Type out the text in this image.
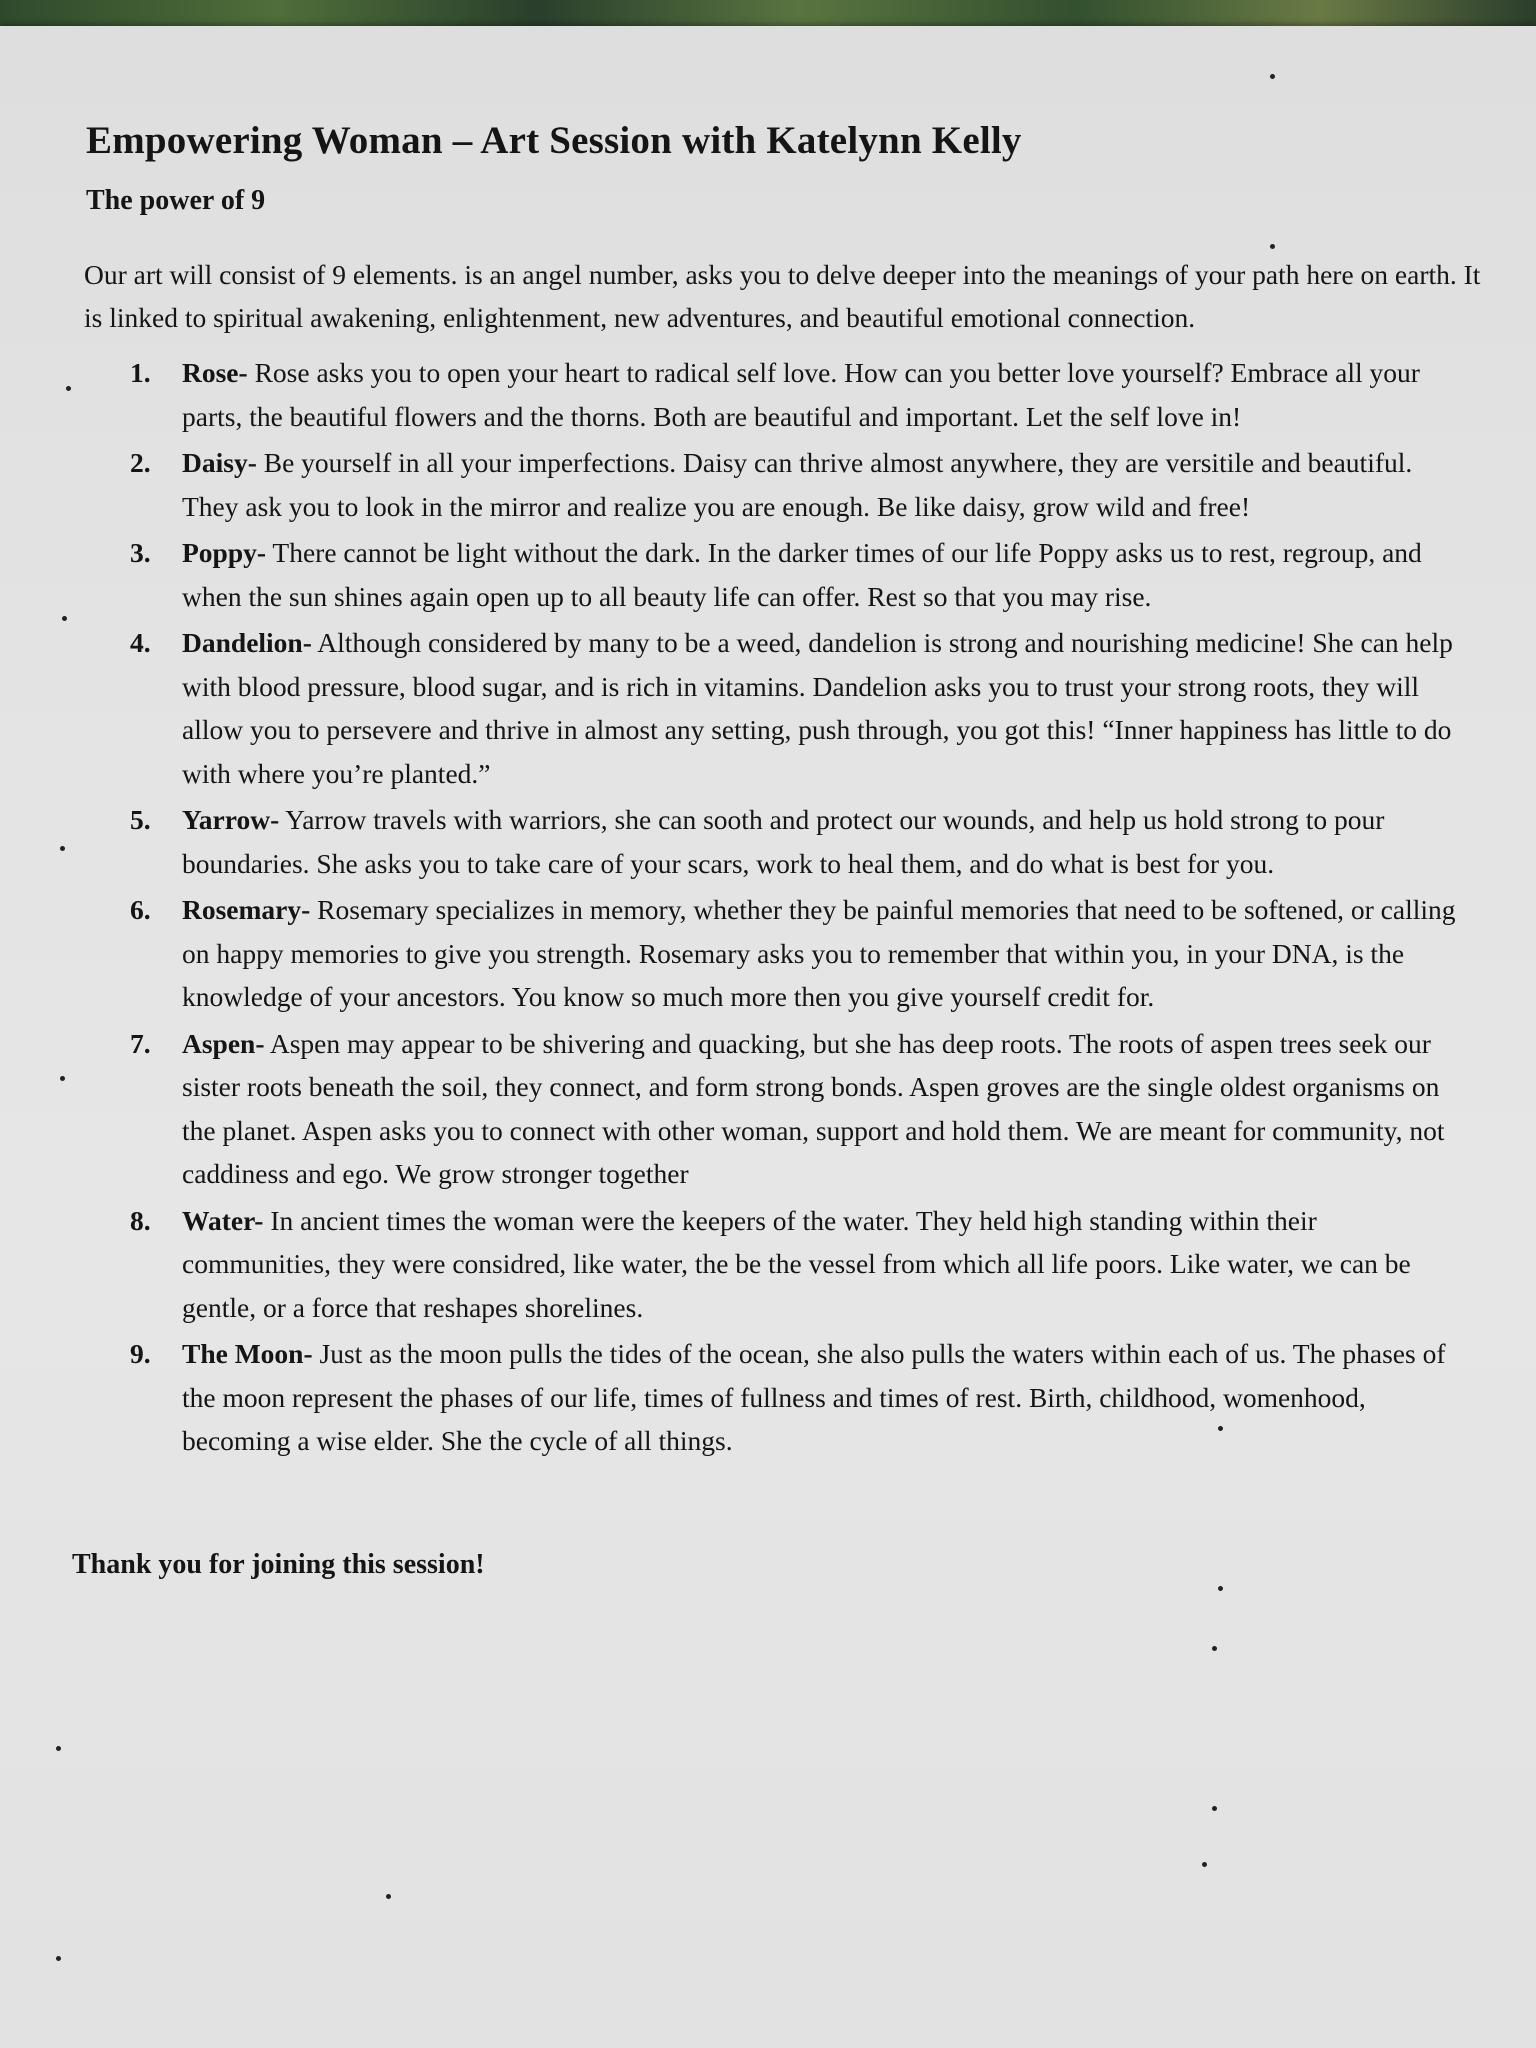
Empowering Woman – Art Session with Katelynn Kelly
The power of 9
Our art will consist of 9 elements. is an angel number, asks you to delve deeper into the meanings of your path here on earth. It is linked to spiritual awakening, enlightenment, new adventures, and beautiful emotional connection.
1. Rose- Rose asks you to open your heart to radical self love. How can you better love yourself? Embrace all your parts, the beautiful flowers and the thorns. Both are beautiful and important. Let the self love in!
2. Daisy- Be yourself in all your imperfections. Daisy can thrive almost anywhere, they are versitile and beautiful. They ask you to look in the mirror and realize you are enough. Be like daisy, grow wild and free!
3. Poppy- There cannot be light without the dark. In the darker times of our life Poppy asks us to rest, regroup, and when the sun shines again open up to all beauty life can offer. Rest so that you may rise.
4. Dandelion- Although considered by many to be a weed, dandelion is strong and nourishing medicine! She can help with blood pressure, blood sugar, and is rich in vitamins. Dandelion asks you to trust your strong roots, they will allow you to persevere and thrive in almost any setting, push through, you got this! “Inner happiness has little to do with where you’re planted.”
5. Yarrow- Yarrow travels with warriors, she can sooth and protect our wounds, and help us hold strong to pour boundaries. She asks you to take care of your scars, work to heal them, and do what is best for you.
6. Rosemary- Rosemary specializes in memory, whether they be painful memories that need to be softened, or calling on happy memories to give you strength. Rosemary asks you to remember that within you, in your DNA, is the knowledge of your ancestors. You know so much more then you give yourself credit for.
7. Aspen- Aspen may appear to be shivering and quacking, but she has deep roots. The roots of aspen trees seek our sister roots beneath the soil, they connect, and form strong bonds. Aspen groves are the single oldest organisms on the planet. Aspen asks you to connect with other woman, support and hold them. We are meant for community, not caddiness and ego. We grow stronger together
8. Water- In ancient times the woman were the keepers of the water. They held high standing within their communities, they were considred, like water, the be the vessel from which all life poors. Like water, we can be gentle, or a force that reshapes shorelines.
9. The Moon- Just as the moon pulls the tides of the ocean, she also pulls the waters within each of us. The phases of the moon represent the phases of our life, times of fullness and times of rest. Birth, childhood, womenhood, becoming a wise elder. She the cycle of all things.
Thank you for joining this session!
